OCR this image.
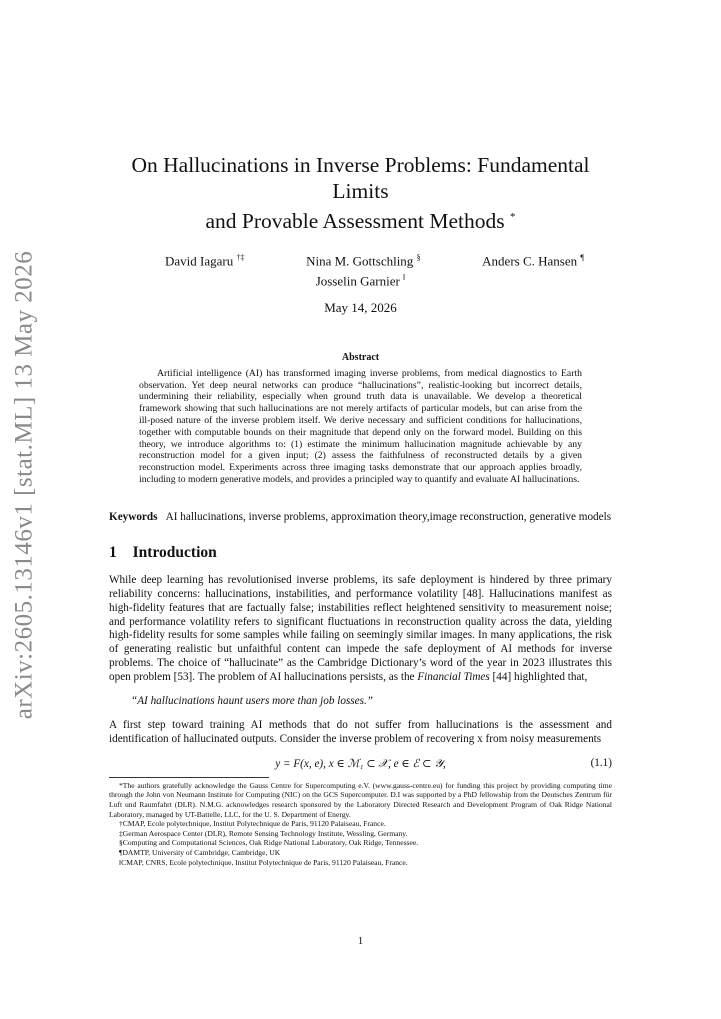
arXiv:2605.13146v1 [stat.ML] 13 May 2026
On Hallucinations in Inverse Problems: Fundamental Limits
and Provable Assessment Methods *
David Iagaru †‡	Nina M. Gottschling §	Anders C. Hansen ¶
Josselin Garnier ‖
May 14, 2026
Abstract
Artificial intelligence (AI) has transformed imaging inverse problems, from medical diagnostics to Earth observation. Yet deep neural networks can produce “hallucinations”, realistic-looking but incorrect details, undermining their reliability, especially when ground truth data is unavailable. We develop a theoretical framework showing that such hallucinations are not merely artifacts of particular models, but can arise from the ill-posed nature of the inverse problem itself. We derive necessary and sufficient conditions for hallucinations, together with computable bounds on their magnitude that depend only on the forward model. Building on this theory, we introduce algorithms to: (1) estimate the minimum hallucination magnitude achievable by any reconstruction model for a given input; (2) assess the faithfulness of reconstructed details by a given reconstruction model. Experiments across three imaging tasks demonstrate that our approach applies broadly, including to modern generative models, and provides a principled way to quantify and evaluate AI hallucinations.
Keywords AI hallucinations, inverse problems, approximation theory,image reconstruction, generative models
1 Introduction
While deep learning has revolutionised inverse problems, its safe deployment is hindered by three primary reliability concerns: hallucinations, instabilities, and performance volatility [48]. Hallucinations manifest as high-fidelity features that are factually false; instabilities reflect heightened sensitivity to measurement noise; and performance volatility refers to significant fluctuations in reconstruction quality across the data, yielding high-fidelity results for some samples while failing on seemingly similar images. In many applications, the risk of generating realistic but unfaithful content can impede the safe deployment of AI methods for inverse problems. The choice of “hallucinate” as the Cambridge Dictionary’s word of the year in 2023 illustrates this open problem [53]. The problem of AI hallucinations persists, as the Financial Times [44] highlighted that,
“AI hallucinations haunt users more than job losses.”
A first step toward training AI methods that do not suffer from hallucinations is the assessment and identification of hallucinated outputs. Consider the inverse problem of recovering x from noisy measurements
y = F(x, e), x ∈ ℳ₁ ⊂ 𝒳, e ∈ ℰ ⊂ 𝒴,	(1.1)
*The authors gratefully acknowledge the Gauss Centre for Supercomputing e.V. (www.gauss-centre.eu) for funding this project by providing computing time through the John von Neumann Institute for Computing (NIC) on the GCS Supercomputer. D.I was supported by a PhD fellowship from the Deutsches Zentrum für Luft und Raumfahrt (DLR). N.M.G. acknowledges research sponsored by the Laboratory Directed Research and Development Program of Oak Ridge National Laboratory, managed by UT-Battelle, LLC, for the U. S. Department of Energy.
†CMAP, Ecole polytechnique, Institut Polytechnique de Paris, 91120 Palaiseau, France.
‡German Aerospace Center (DLR), Remote Sensing Technology Institute, Wessling, Germany.
§Computing and Computational Sciences, Oak Ridge National Laboratory, Oak Ridge, Tennessee.
¶DAMTP, University of Cambridge, Cambridge, UK
‖CMAP, CNRS, Ecole polytechnique, Institut Polytechnique de Paris, 91120 Palaiseau, France.
1
